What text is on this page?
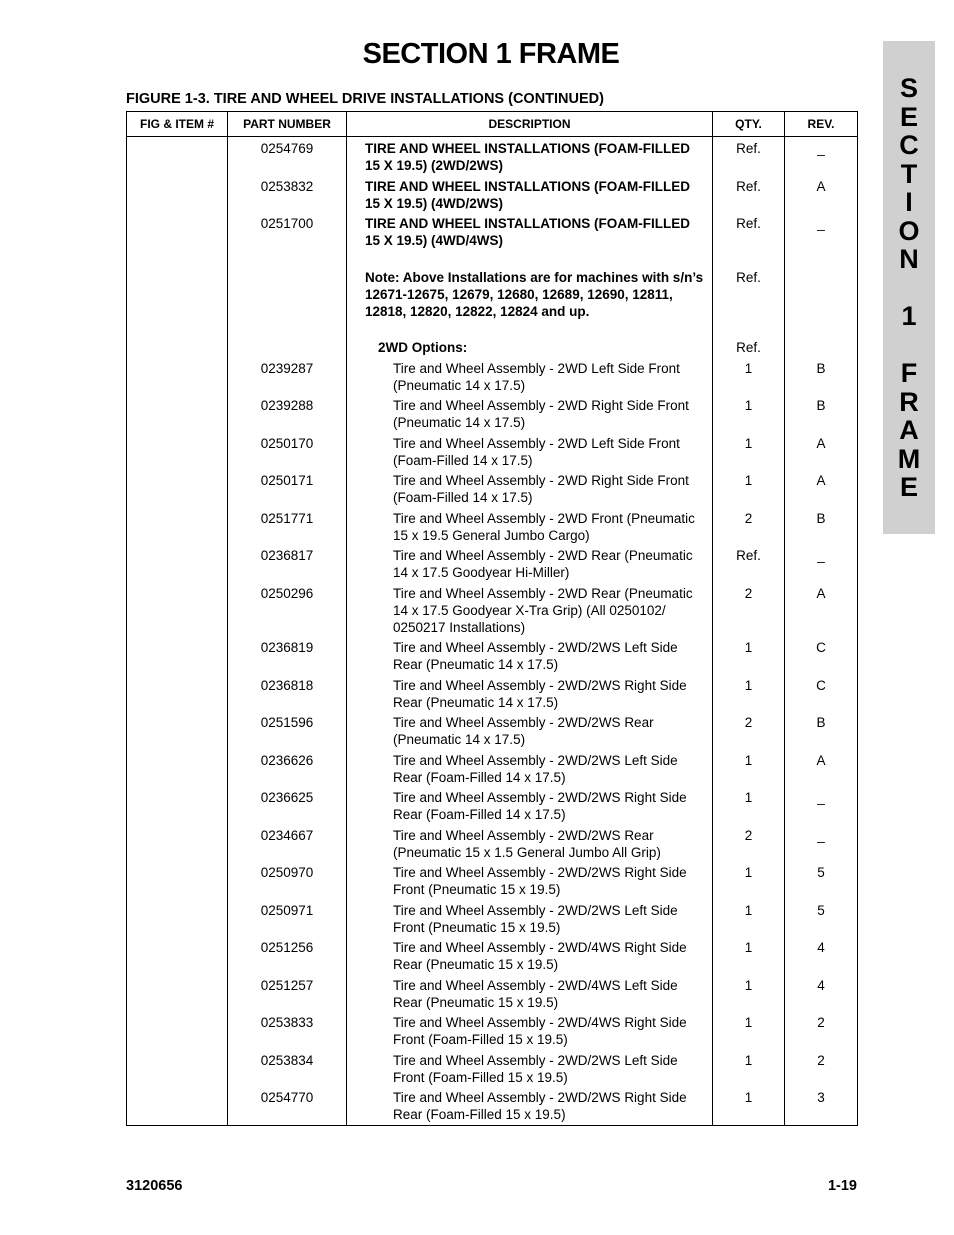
SECTION 1 FRAME
S
E
C
T
I
O
N
1
F
R
A
M
E
FIGURE 1-3. TIRE AND WHEEL DRIVE INSTALLATIONS (CONTINUED)
FIG & ITEM #	PART NUMBER	DESCRIPTION	QTY.	REV.
	0254769	TIRE AND WHEEL INSTALLATIONS (FOAM-FILLED 15 X 19.5) (2WD/2WS)	Ref.	_
	0253832	TIRE AND WHEEL INSTALLATIONS (FOAM-FILLED 15 X 19.5) (4WD/2WS)	Ref.	A
	0251700	TIRE AND WHEEL INSTALLATIONS (FOAM-FILLED 15 X 19.5) (4WD/4WS)	Ref.	_
		Note: Above Installations are for machines with s/n’s 12671-12675, 12679, 12680, 12689, 12690, 12811, 12818, 12820, 12822, 12824 and up.	Ref.	
		2WD Options:	Ref.	
	0239287	Tire and Wheel Assembly - 2WD Left Side Front (Pneumatic 14 x 17.5)	1	B
	0239288	Tire and Wheel Assembly - 2WD Right Side Front (Pneumatic 14 x 17.5)	1	B
	0250170	Tire and Wheel Assembly - 2WD Left Side Front (Foam-Filled 14 x 17.5)	1	A
	0250171	Tire and Wheel Assembly - 2WD Right Side Front (Foam-Filled 14 x 17.5)	1	A
	0251771	Tire and Wheel Assembly - 2WD Front (Pneumatic 15 x 19.5 General Jumbo Cargo)	2	B
	0236817	Tire and Wheel Assembly - 2WD Rear (Pneumatic 14 x 17.5 Goodyear Hi-Miller)	Ref.	_
	0250296	Tire and Wheel Assembly - 2WD Rear (Pneumatic 14 x 17.5 Goodyear X-Tra Grip) (All 0250102/ 0250217 Installations)	2	A
	0236819	Tire and Wheel Assembly - 2WD/2WS Left Side Rear (Pneumatic 14 x 17.5)	1	C
	0236818	Tire and Wheel Assembly - 2WD/2WS Right Side Rear (Pneumatic 14 x 17.5)	1	C
	0251596	Tire and Wheel Assembly - 2WD/2WS Rear (Pneumatic 14 x 17.5)	2	B
	0236626	Tire and Wheel Assembly - 2WD/2WS Left Side Rear (Foam-Filled 14 x 17.5)	1	A
	0236625	Tire and Wheel Assembly - 2WD/2WS Right Side Rear (Foam-Filled 14 x 17.5)	1	_
	0234667	Tire and Wheel Assembly - 2WD/2WS Rear (Pneumatic 15 x 1.5 General Jumbo All Grip)	2	_
	0250970	Tire and Wheel Assembly - 2WD/2WS Right Side Front (Pneumatic 15 x 19.5)	1	5
	0250971	Tire and Wheel Assembly - 2WD/2WS Left Side Front (Pneumatic 15 x 19.5)	1	5
	0251256	Tire and Wheel Assembly - 2WD/4WS Right Side Rear (Pneumatic 15 x 19.5)	1	4
	0251257	Tire and Wheel Assembly - 2WD/4WS Left Side Rear (Pneumatic 15 x 19.5)	1	4
	0253833	Tire and Wheel Assembly - 2WD/4WS Right Side Front (Foam-Filled 15 x 19.5)	1	2
	0253834	Tire and Wheel Assembly - 2WD/2WS Left Side Front (Foam-Filled 15 x 19.5)	1	2
	0254770	Tire and Wheel Assembly - 2WD/2WS Right Side Rear (Foam-Filled 15 x 19.5)	1	3
3120656	1-19
